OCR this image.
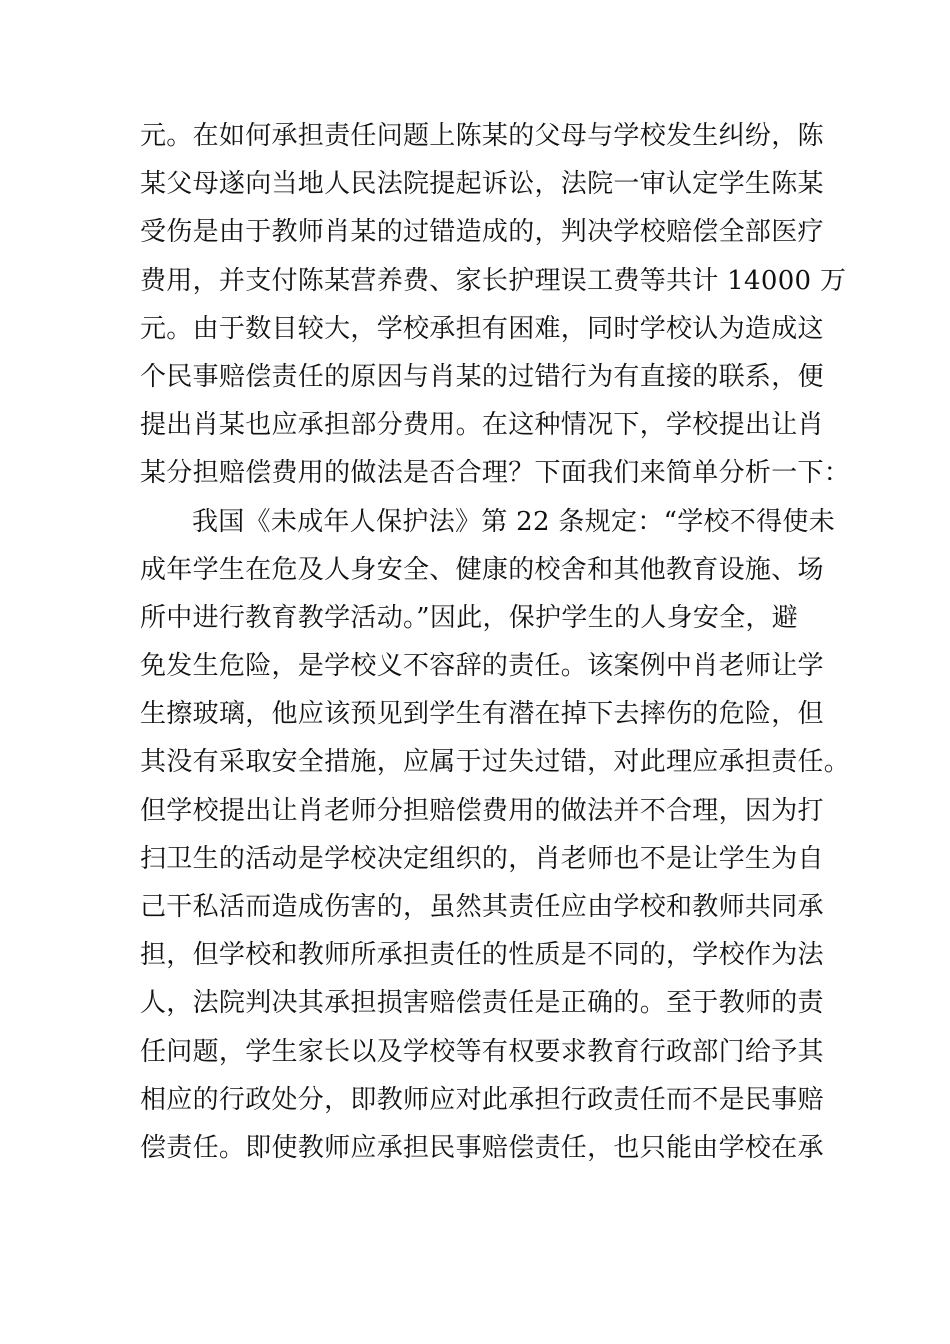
元。在如何承担责任问题上陈某的父母与学校发生纠纷，陈
某父母遂向当地人民法院提起诉讼，法院一审认定学生陈某
受伤是由于教师肖某的过错造成的，判决学校赔偿全部医疗
费用，并支付陈某营养费、家长护理误工费等共计 14000 万
元。由于数目较大，学校承担有困难，同时学校认为造成这
个民事赔偿责任的原因与肖某的过错行为有直接的联系，便
提出肖某也应承担部分费用。在这种情况下，学校提出让肖
某分担赔偿费用的做法是否合理？下面我们来简单分析一下：
我国《未成年人保护法》第 22 条规定：“学校不得使未
成年学生在危及人身安全、健康的校舍和其他教育设施、场
所中进行教育教学活动。”因此，保护学生的人身安全，避
免发生危险，是学校义不容辞的责任。该案例中肖老师让学
生擦玻璃，他应该预见到学生有潜在掉下去摔伤的危险，但
其没有采取安全措施，应属于过失过错，对此理应承担责任。
但学校提出让肖老师分担赔偿费用的做法并不合理，因为打
扫卫生的活动是学校决定组织的，肖老师也不是让学生为自
己干私活而造成伤害的，虽然其责任应由学校和教师共同承
担，但学校和教师所承担责任的性质是不同的，学校作为法
人，法院判决其承担损害赔偿责任是正确的。至于教师的责
任问题，学生家长以及学校等有权要求教育行政部门给予其
相应的行政处分，即教师应对此承担行政责任而不是民事赔
偿责任。即使教师应承担民事赔偿责任，也只能由学校在承
